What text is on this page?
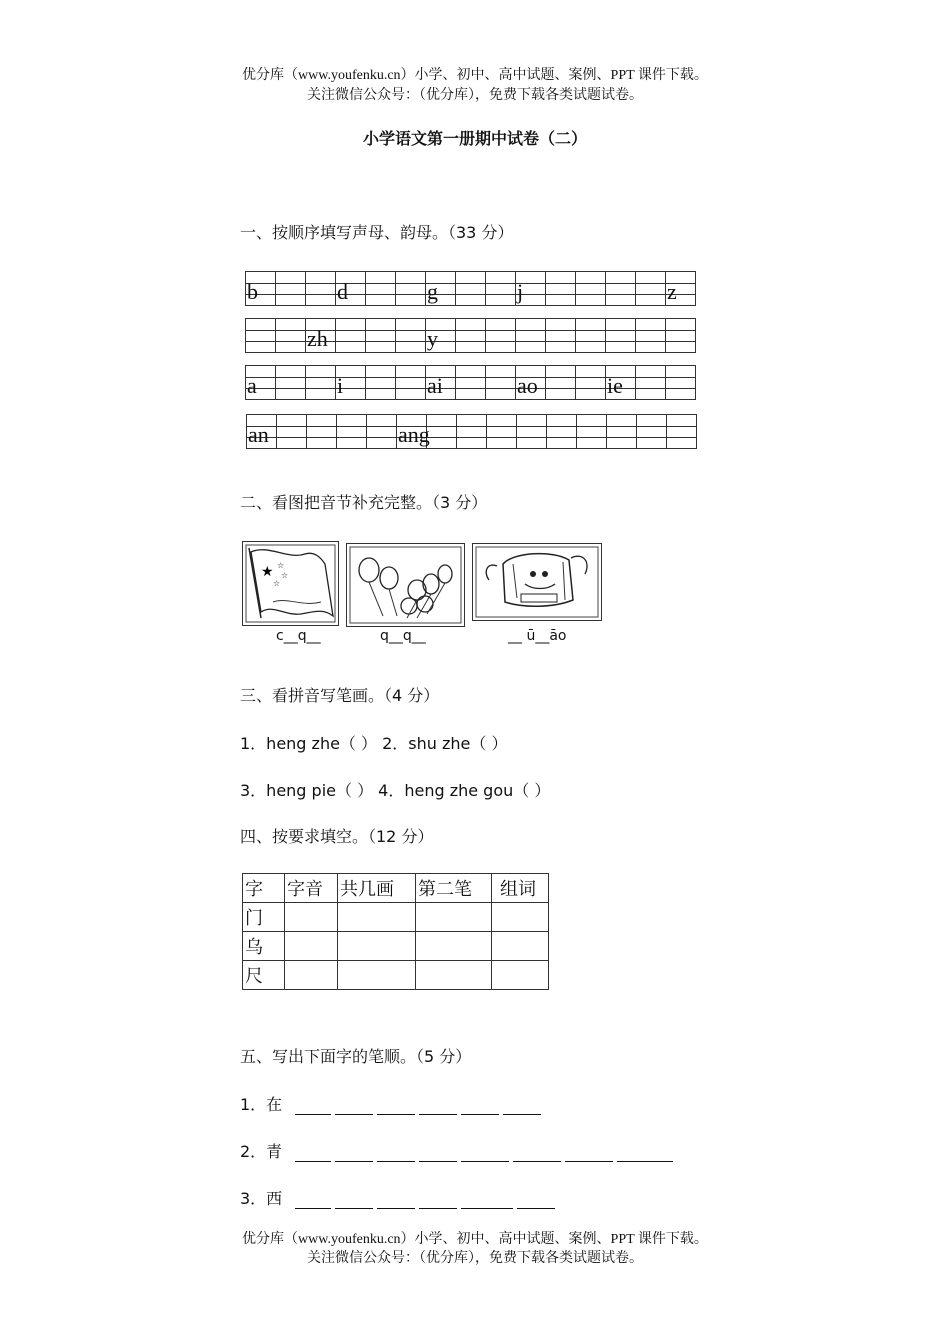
优分库（www.youfenku.cn）小学、初中、高中试题、案例、PPT 课件下载。
关注微信公众号：（优分库），免费下载各类试题试卷。
小学语文第一册期中试卷（二）
一、按顺序填写声母、韵母。（33 分）
b			d			g			j					z

zh				y

a			i			ai			ao			ie

an					ang

二、看图把音节补充完整。（3 分）
★ ☆
☆
☆
c__q__	q__q__	__ ū__āo
三、看拼音写笔画。（4 分）
1．heng zhe（ ） 2．shu zhe（ ）
3．heng pie（ ） 4．heng zhe gou（ ）
四、按要求填空。（12 分）
字	字音	共几画	第二笔	组词
门				
乌				
尺				
五、写出下面字的笔顺。（5 分）
1．在
2．青
3．西
优分库（www.youfenku.cn）小学、初中、高中试题、案例、PPT 课件下载。
关注微信公众号：（优分库），免费下载各类试题试卷。
